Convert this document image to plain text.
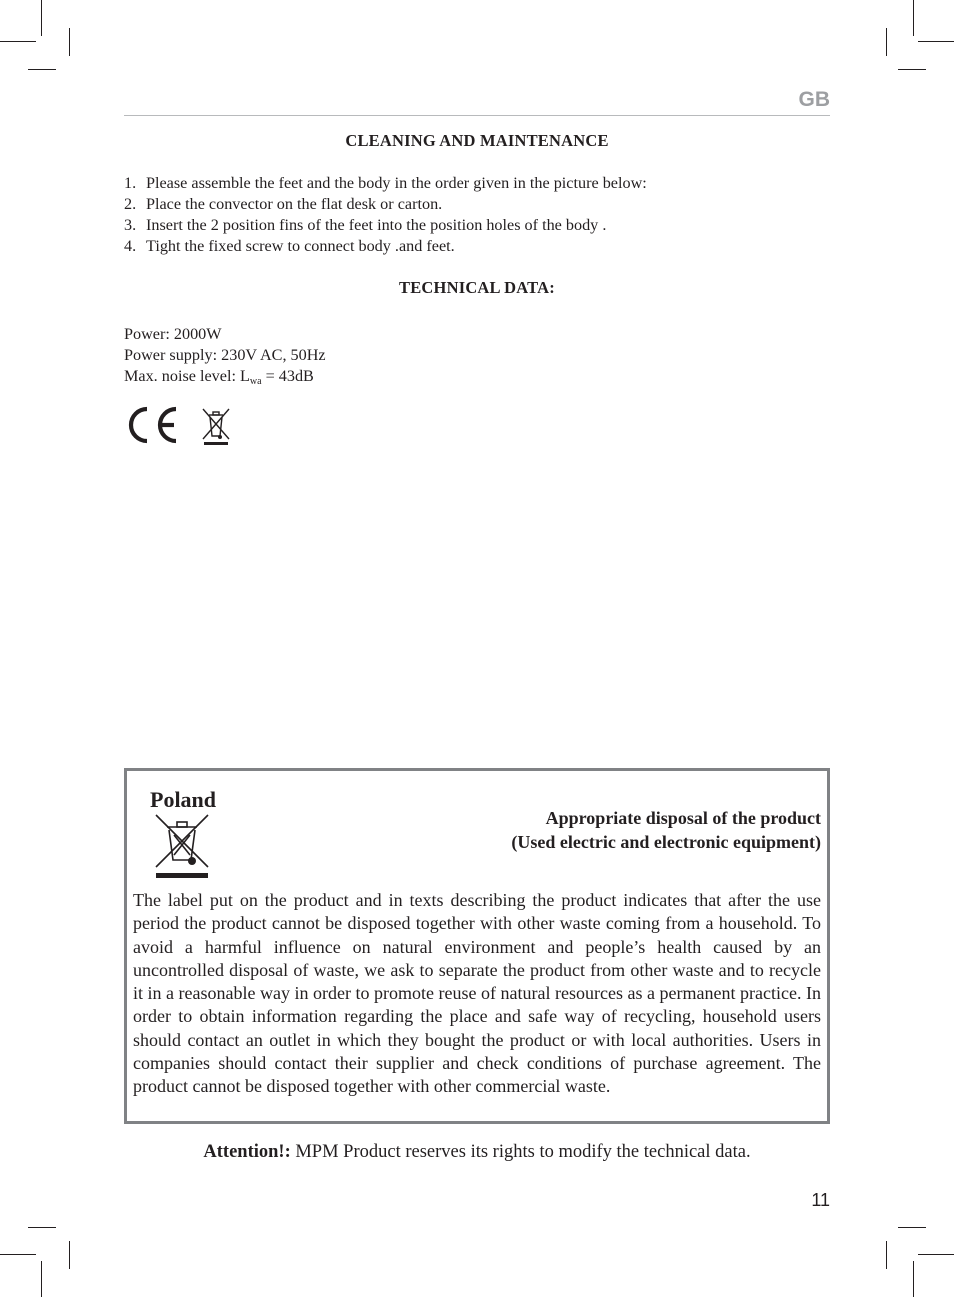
GB
CLEANING AND MAINTENANCE
1. Please assemble the feet and the body in the order given in the picture below:
2. Place the convector on the flat desk or carton.
3. Insert the 2 position fins of the feet into the position holes of the body .
4. Tight the fixed screw to connect body .and feet.
TECHNICAL DATA:
Power: 2000W
Power supply: 230V AC, 50Hz
Max. noise level: $L_{wa} = 43dB$
Poland
Appropriate disposal of the product
(Used electric and electronic equipment)

The label put on the product and in texts describing the product indicates that after the use period the product cannot be disposed together with other waste coming from a household. To avoid a harmful influence on natural environment and people’s health caused by an uncontrolled disposal of waste, we ask to separate the product from other waste and to recycle it in a reasonable way in order to promote reuse of natural resources as a permanent practice. In order to obtain information regarding the place and safe way of recycling, household users should contact an outlet in which they bought the product or with local authorities. Users in companies should contact their supplier and check conditions of purchase agreement. The product cannot be disposed together with other commercial waste.

Attention!: MPM Product reserves its rights to modify the technical data.
11
